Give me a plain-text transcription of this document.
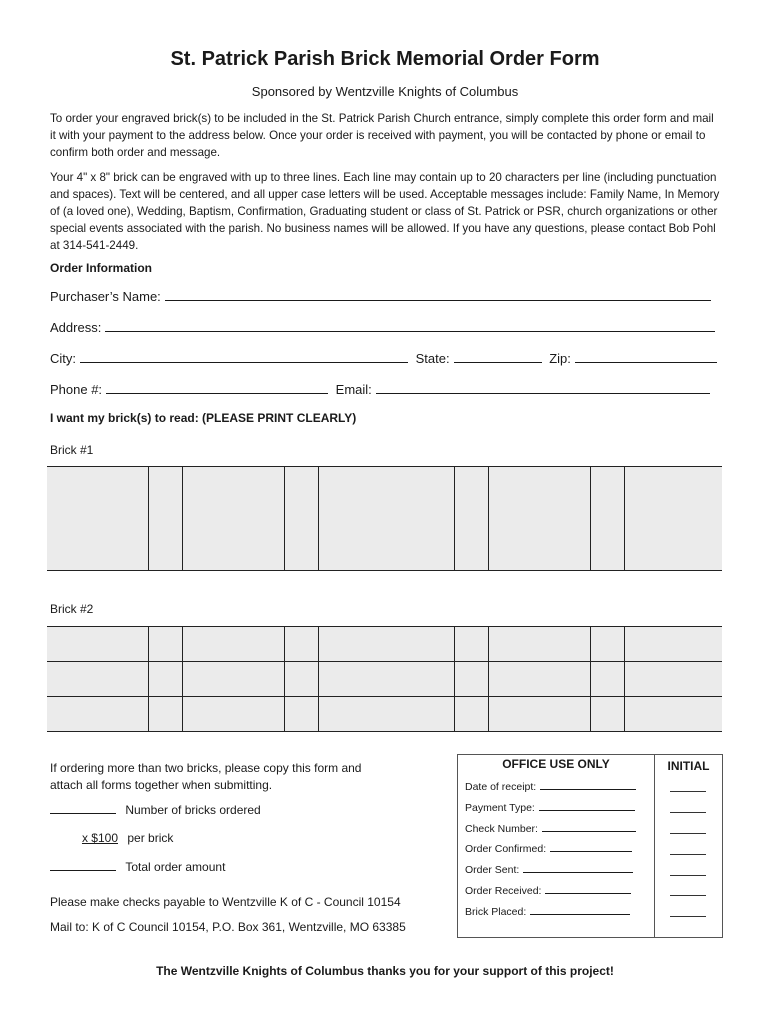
St. Patrick Parish Brick Memorial Order Form
Sponsored by Wentzville Knights of Columbus
To order your engraved brick(s) to be included in the St. Patrick Parish Church entrance, simply complete this order form and mail it with your payment to the address below. Once your order is received with payment, you will be contacted by phone or email to confirm both order and message.
Your 4" x 8" brick can be engraved with up to three lines. Each line may contain up to 20 characters per line (including punctuation and spaces). Text will be centered, and all upper case letters will be used. Acceptable messages include: Family Name, In Memory of (a loved one), Wedding, Baptism, Confirmation, Graduating student or class of St. Patrick or PSR, church organizations or other special events associated with the parish. No business names will be allowed. If you have any questions, please contact Bob Pohl at 314-541-2449.
Order Information
Purchaser’s Name:
Address:
City:	State:	Zip:
Phone #:	Email:
I want my brick(s) to read: (PLEASE PRINT CLEARLY)
Brick #1
Brick #2
If ordering more than two bricks, please copy this form and attach all forms together when submitting.
Number of bricks ordered
x $100 per brick
Total order amount
Please make checks payable to Wentzville K of C - Council 10154
Mail to: K of C Council 10154, P.O. Box 361, Wentzville, MO 63385
OFFICE USE ONLY
Date of receipt:
Payment Type:
Check Number:
Order Confirmed:
Order Sent:
Order Received:
Brick Placed:
INITIAL
The Wentzville Knights of Columbus thanks you for your support of this project!
